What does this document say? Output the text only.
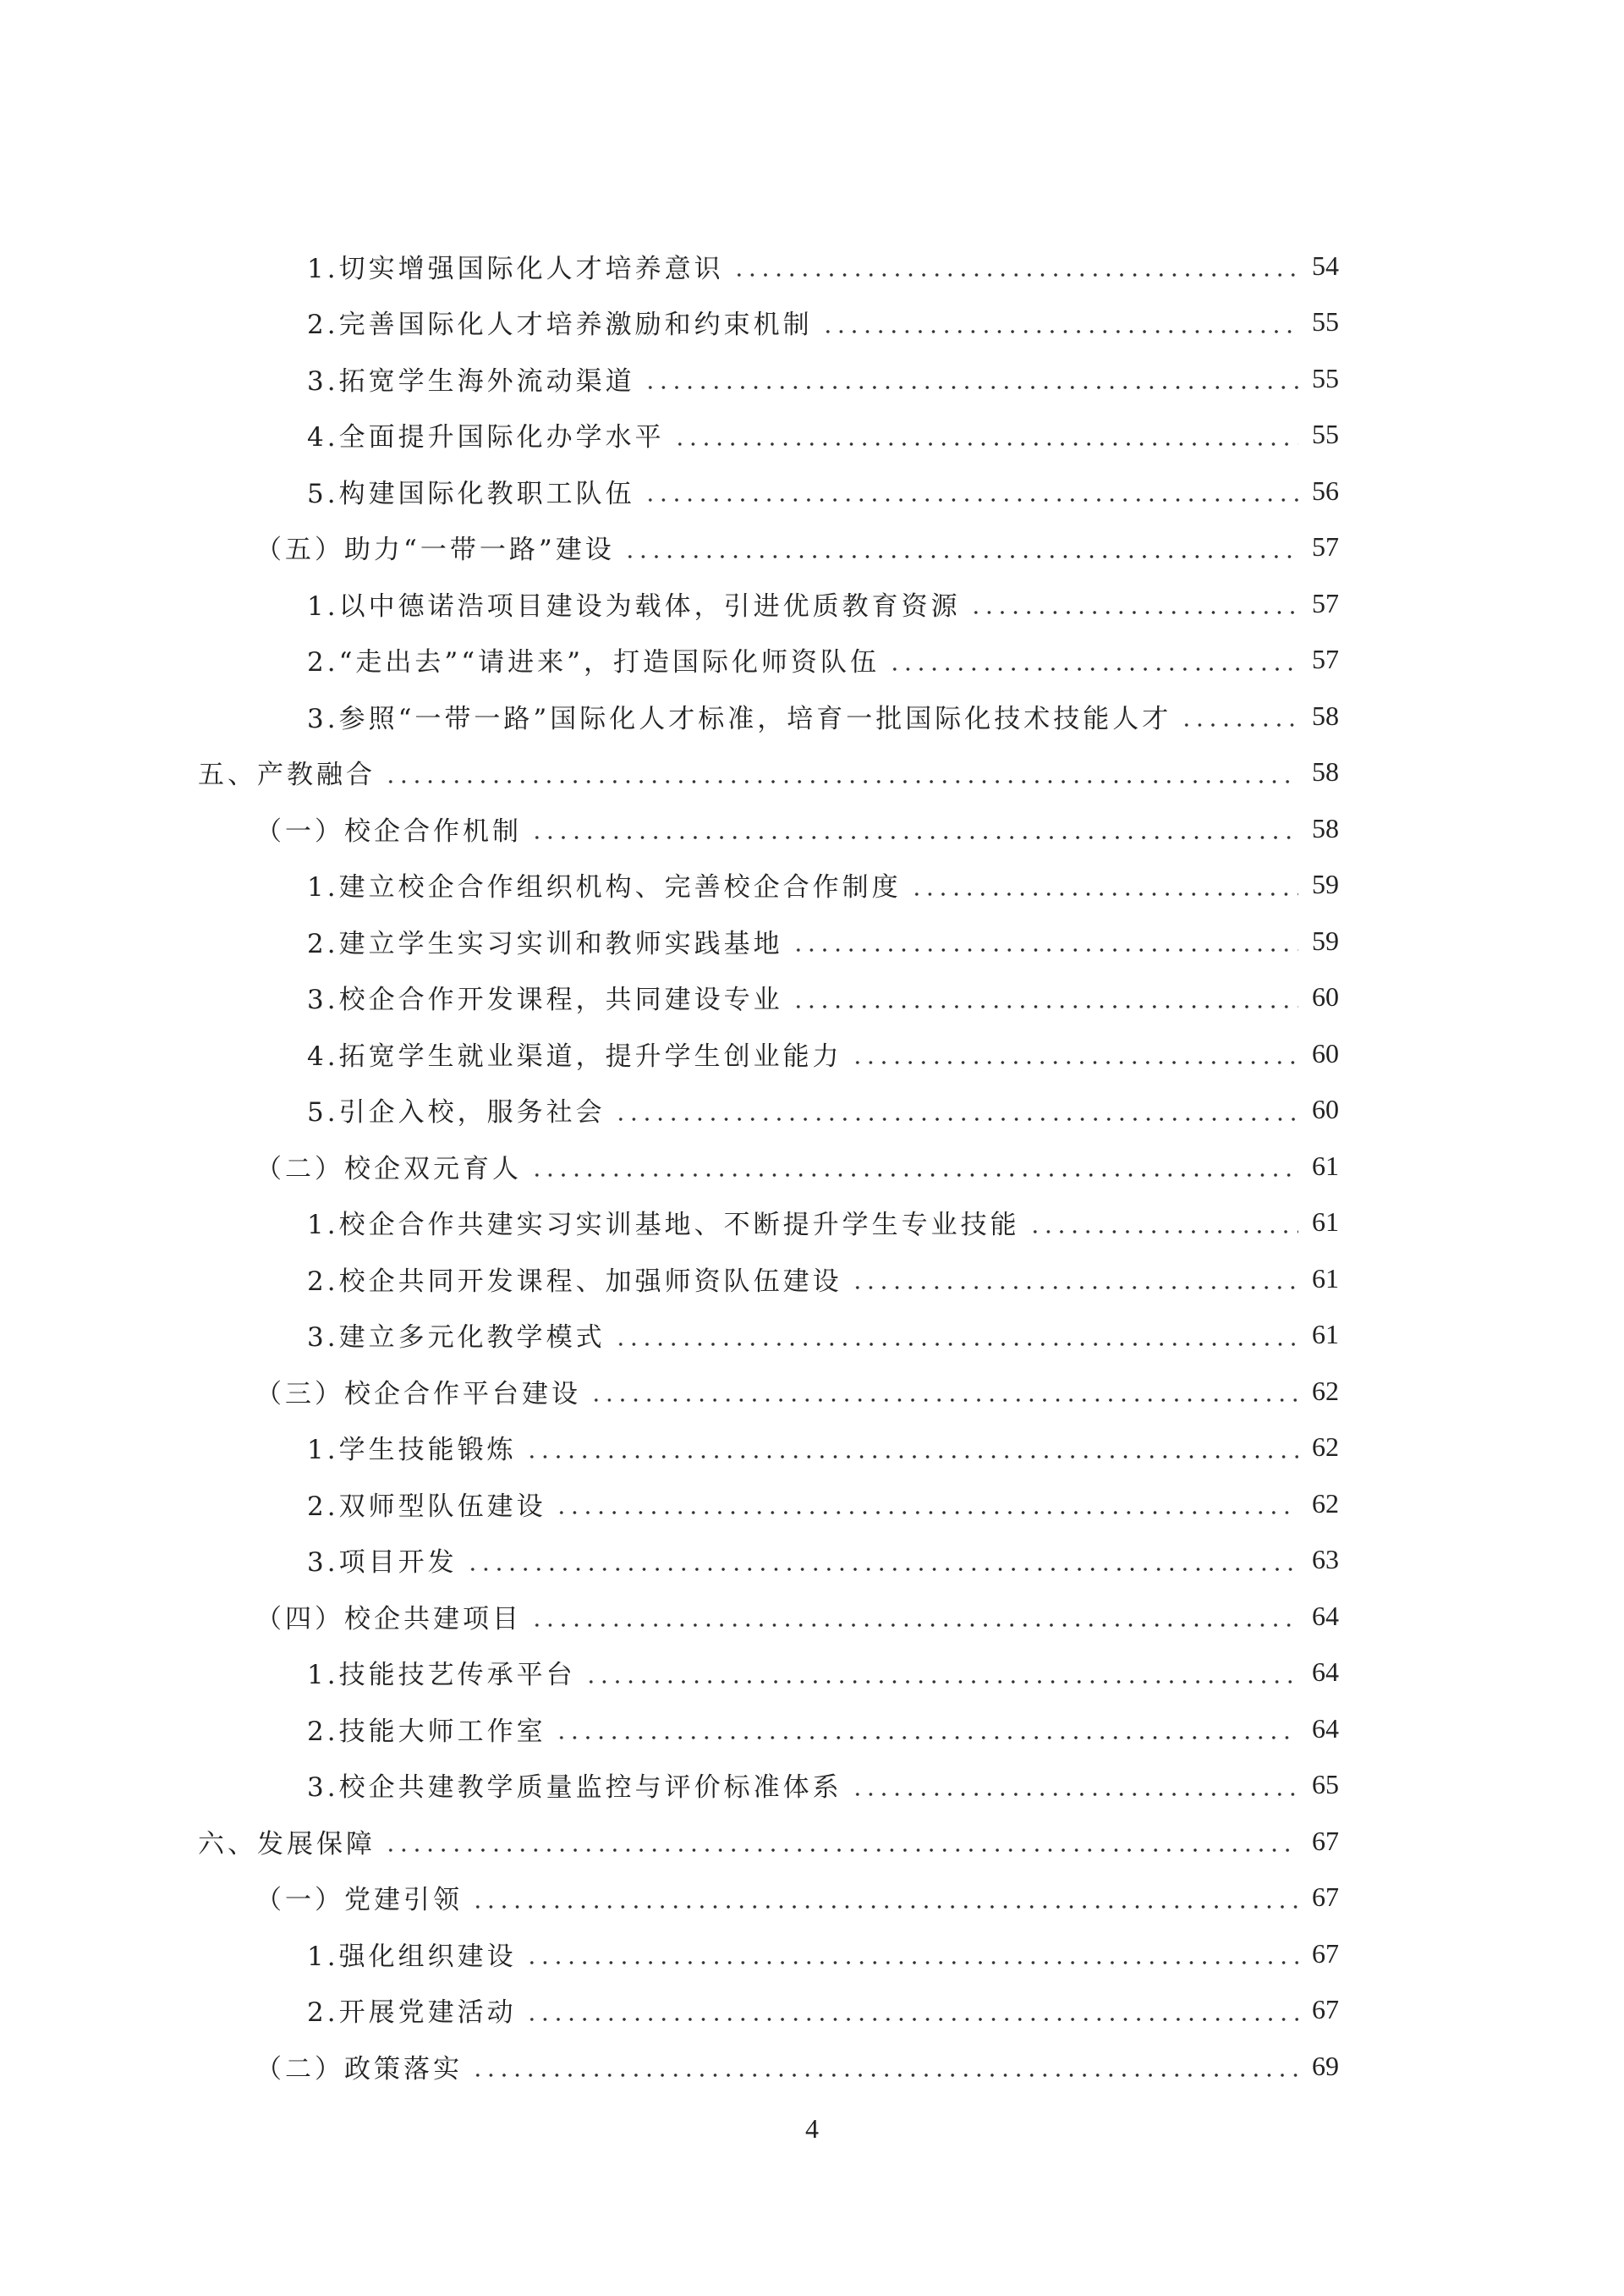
1.切实增强国际化人才培养意识	54
2.完善国际化人才培养激励和约束机制	55
3.拓宽学生海外流动渠道	55
4.全面提升国际化办学水平	55
5.构建国际化教职工队伍	56
（五）助力“一带一路”建设	57
1.以中德诺浩项目建设为载体，引进优质教育资源	57
2.“走出去”“请进来”，打造国际化师资队伍	57
3.参照“一带一路”国际化人才标准，培育一批国际化技术技能人才	58
五、产教融合	58
（一）校企合作机制	58
1.建立校企合作组织机构、完善校企合作制度	59
2.建立学生实习实训和教师实践基地	59
3.校企合作开发课程，共同建设专业	60
4.拓宽学生就业渠道，提升学生创业能力	60
5.引企入校，服务社会	60
（二）校企双元育人	61
1.校企合作共建实习实训基地、不断提升学生专业技能	61
2.校企共同开发课程、加强师资队伍建设	61
3.建立多元化教学模式	61
（三）校企合作平台建设	62
1.学生技能锻炼	62
2.双师型队伍建设	62
3.项目开发	63
（四）校企共建项目	64
1.技能技艺传承平台	64
2.技能大师工作室	64
3.校企共建教学质量监控与评价标准体系	65
六、发展保障	67
（一）党建引领	67
1.强化组织建设	67
2.开展党建活动	67
（二）政策落实	69
4
